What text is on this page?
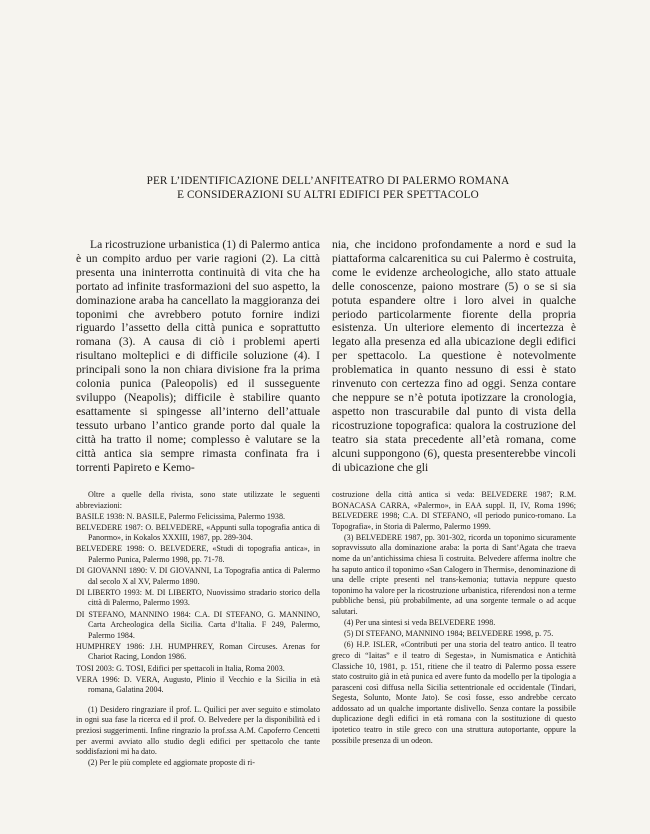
PER L’IDENTIFICAZIONE DELL’ANFITEATRO DI PALERMO ROMANA
E CONSIDERAZIONI SU ALTRI EDIFICI PER SPETTACOLO

La ricostruzione urbanistica (1) di Palermo antica è un compito arduo per varie ragioni (2). La città presenta una ininterrotta continuità di vita che ha portato ad infinite trasformazioni del suo aspetto, la dominazione araba ha cancellato la maggioranza dei toponimi che avrebbero potuto fornire indizi riguardo l’assetto della città punica e soprattutto romana (3). A causa di ciò i problemi aperti risultano molteplici e di difficile soluzione (4). I principali sono la non chiara divisione fra la prima colonia punica (Paleopolis) ed il susseguente sviluppo (Neapolis); difficile è stabilire quanto esattamente si spingesse all’interno dell’attuale tessuto urbano l’antico grande porto dal quale la città ha tratto il nome; complesso è valutare se la città antica sia sempre rimasta confinata fra i torrenti Papireto e Kemo-

nia, che incidono profondamente a nord e sud la piattaforma calcarenitica su cui Palermo è costruita, come le evidenze archeologiche, allo stato attuale delle conoscenze, paiono mostrare (5) o se si sia potuta espandere oltre i loro alvei in qualche periodo particolarmente fiorente della propria esistenza. Un ulteriore elemento di incertezza è legato alla presenza ed alla ubicazione degli edifici per spettacolo. La questione è notevolmente problematica in quanto nessuno di essi è stato rinvenuto con certezza fino ad oggi. Senza contare che neppure se n’è potuta ipotizzare la cronologia, aspetto non trascurabile dal punto di vista della ricostruzione topografica: qualora la costruzione del teatro sia stata precedente all’età romana, come alcuni suppongono (6), questa presenterebbe vincoli di ubicazione che gli

Oltre a quelle della rivista, sono state utilizzate le seguenti abbreviazioni:

BASILE 1938: N. BASILE, Palermo Felicissima, Palermo 1938.

BELVEDERE 1987: O. BELVEDERE, «Appunti sulla topografia antica di Panormo», in Kokalos XXXIII, 1987, pp. 289-304.

BELVEDERE 1998: O. BELVEDERE, «Studi di topografia antica», in Palermo Punica, Palermo 1998, pp. 71-78.

DI GIOVANNI 1890: V. DI GIOVANNI, La Topografia antica di Palermo dal secolo X al XV, Palermo 1890.

DI LIBERTO 1993: M. DI LIBERTO, Nuovissimo stradario storico della città di Palermo, Palermo 1993.

DI STEFANO, MANNINO 1984: C.A. DI STEFANO, G. MANNINO, Carta Archeologica della Sicilia. Carta d’Italia. F 249, Palermo, Palermo 1984.

HUMPHREY 1986: J.H. HUMPHREY, Roman Circuses. Arenas for Chariot Racing, London 1986.

TOSI 2003: G. TOSI, Edifici per spettacoli in Italia, Roma 2003.

VERA 1996: D. VERA, Augusto, Plinio il Vecchio e la Sicilia in età romana, Galatina 2004.

(1) Desidero ringraziare il prof. L. Quilici per aver seguito e stimolato in ogni sua fase la ricerca ed il prof. O. Belvedere per la disponibilità ed i preziosi suggerimenti. Infine ringrazio la prof.ssa A.M. Capoferro Cencetti per avermi avviato allo studio degli edifici per spettacolo che tante soddisfazioni mi ha dato.

(2) Per le più complete ed aggiornate proposte di ri-

costruzione della città antica si veda: BELVEDERE 1987; R.M. BONACASA CARRA, «Palermo», in EAA suppl. II, IV, Roma 1996; BELVEDERE 1998; C.A. DI STEFANO, «Il periodo punico-romano. La Topografia», in Storia di Palermo, Palermo 1999.

(3) BELVEDERE 1987, pp. 301-302, ricorda un toponimo sicuramente sopravvissuto alla dominazione araba: la porta di Sant’Agata che traeva nome da un’antichissima chiesa lì costruita. Belvedere afferma inoltre che ha saputo antico il toponimo «San Calogero in Thermis», denominazione di una delle cripte presenti nel trans-kemonia; tuttavia neppure questo toponimo ha valore per la ricostruzione urbanistica, riferendosi non a terme pubbliche bensì, più probabilmente, ad una sorgente termale o ad acque salutari.

(4) Per una sintesi si veda BELVEDERE 1998.

(5) DI STEFANO, MANNINO 1984; BELVEDERE 1998, p. 75.

(6) H.P. ISLER, «Contributi per una storia del teatro antico. Il teatro greco di “Iaitas” e il teatro di Segesta», in Numismatica e Antichità Classiche 10, 1981, p. 151, ritiene che il teatro di Palermo possa essere stato costruito già in età punica ed avere funto da modello per la tipologia a parasceni così diffusa nella Sicilia settentrionale ed occidentale (Tindari, Segesta, Solunto, Monte Jato). Se così fosse, esso andrebbe cercato addossato ad un qualche importante dislivello. Senza contare la possibile duplicazione degli edifici in età romana con la sostituzione di questo ipotetico teatro in stile greco con una struttura autoportante, oppure la possibile presenza di un odeon.
